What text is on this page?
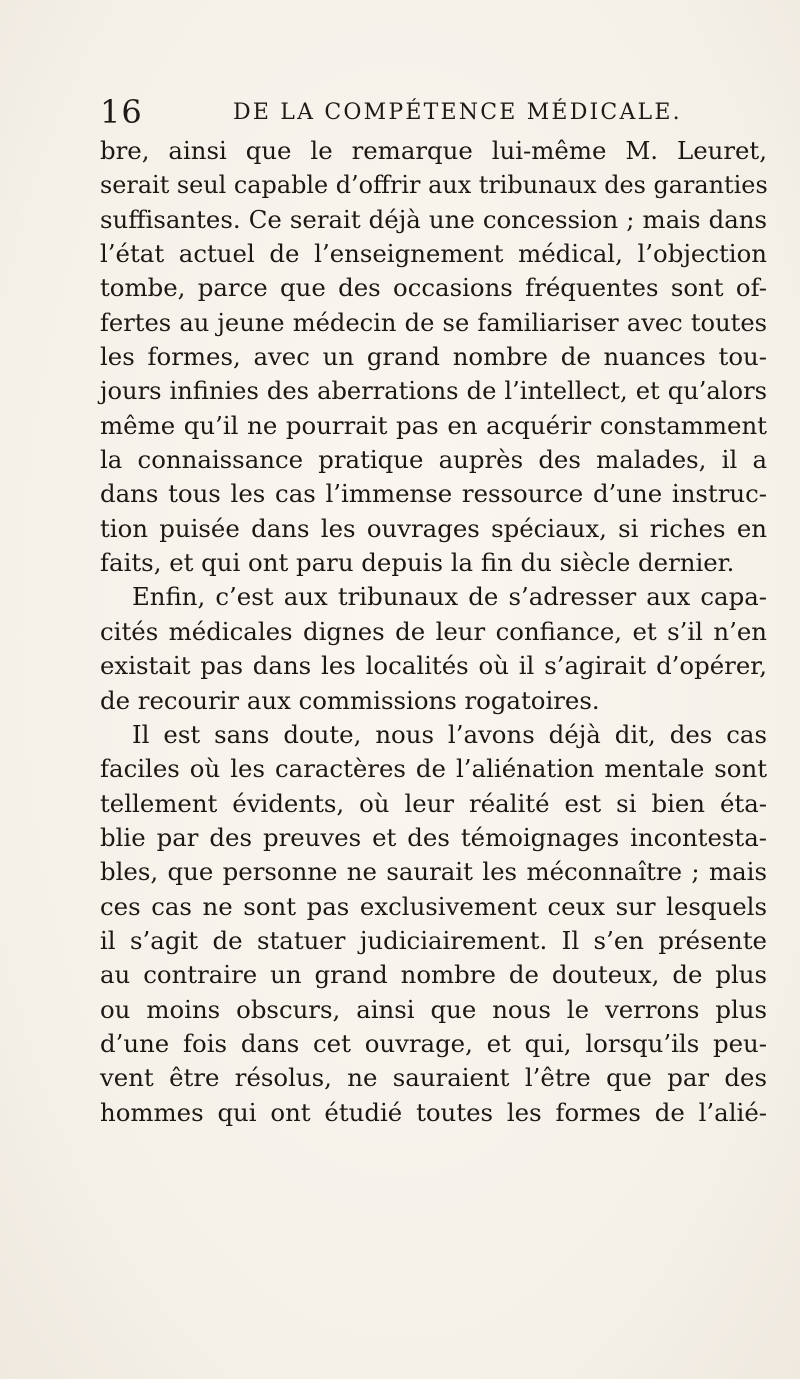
16	DE LA COMPÉTENCE MÉDICALE.
bre, ainsi que le remarque lui-même M. Leuret,
serait seul capable d’offrir aux tribunaux des garanties
suffisantes. Ce serait déjà une concession ; mais dans
l’état actuel de l’enseignement médical, l’objection
tombe, parce que des occasions fréquentes sont of-
fertes au jeune médecin de se familiariser avec toutes
les formes, avec un grand nombre de nuances tou-
jours infinies des aberrations de l’intellect, et qu’alors
même qu’il ne pourrait pas en acquérir constamment
la connaissance pratique auprès des malades, il a
dans tous les cas l’immense ressource d’une instruc-
tion puisée dans les ouvrages spéciaux, si riches en
faits, et qui ont paru depuis la fin du siècle dernier.
Enfin, c’est aux tribunaux de s’adresser aux capa-
cités médicales dignes de leur confiance, et s’il n’en
existait pas dans les localités où il s’agirait d’opérer,
de recourir aux commissions rogatoires.
Il est sans doute, nous l’avons déjà dit, des cas
faciles où les caractères de l’aliénation mentale sont
tellement évidents, où leur réalité est si bien éta-
blie par des preuves et des témoignages incontesta-
bles, que personne ne saurait les méconnaître ; mais
ces cas ne sont pas exclusivement ceux sur lesquels
il s’agit de statuer judiciairement. Il s’en présente
au contraire un grand nombre de douteux, de plus
ou moins obscurs, ainsi que nous le verrons plus
d’une fois dans cet ouvrage, et qui, lorsqu’ils peu-
vent être résolus, ne sauraient l’être que par des
hommes qui ont étudié toutes les formes de l’alié-
